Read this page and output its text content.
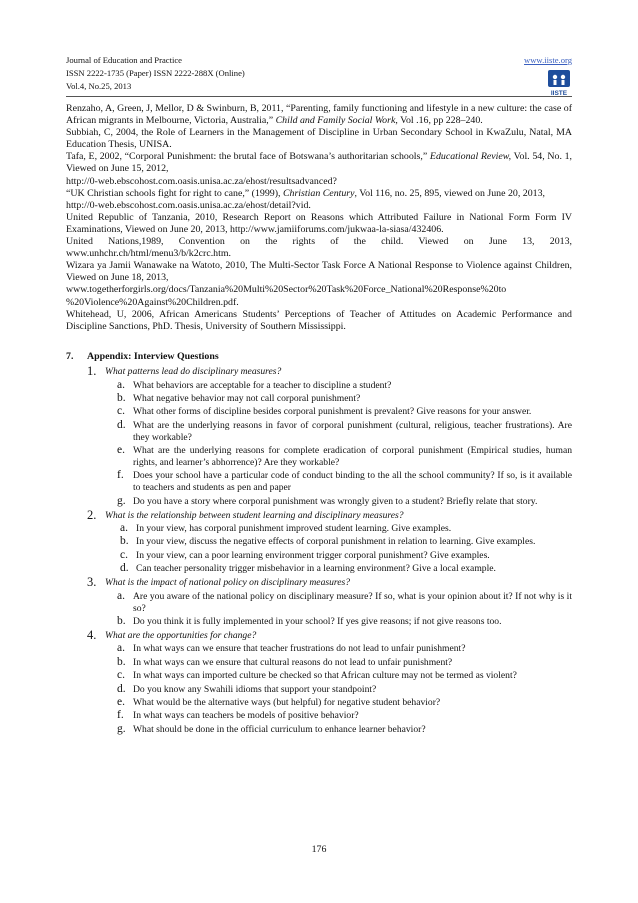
Journal of Education and Practice
ISSN 2222-1735 (Paper) ISSN 2222-288X (Online)
Vol.4, No.25, 2013
www.iiste.org
IISTE

Renzaho, A, Green, J, Mellor, D & Swinburn, B, 2011, “Parenting, family functioning and lifestyle in a new culture: the case of African migrants in Melbourne, Victoria, Australia,” Child and Family Social Work, Vol .16, pp 228–240.

Subbiah, C, 2004, the Role of Learners in the Management of Discipline in Urban Secondary School in KwaZulu, Natal, MA Education Thesis, UNISA.

Tafa, E, 2002, “Corporal Punishment: the brutal face of Botswana’s authoritarian schools,” Educational Review, Vol. 54, No. 1, Viewed on June 15, 2012,

http://0-web.ebscohost.com.oasis.unisa.ac.za/ehost/resultsadvanced?

“UK Christian schools fight for right to cane,” (1999), Christian Century, Vol 116, no. 25, 895, viewed on June 20, 2013,

http://0-web.ebscohost.com.oasis.unisa.ac.za/ehost/detail?vid.

United Republic of Tanzania, 2010, Research Report on Reasons which Attributed Failure in National Form Form IV Examinations, Viewed on June 20, 2013, http://www.jamiiforums.com/jukwaa-la-siasa/432406.

United Nations,1989, Convention on the rights of the child. Viewed on June 13, 2013,

www.unhchr.ch/html/menu3/b/k2crc.htm.

Wizara ya Jamii Wanawake na Watoto, 2010, The Multi-Sector Task Force A National Response to Violence against Children, Viewed on June 18, 2013,

www.togetherforgirls.org/docs/Tanzania%20Multi%20Sector%20Task%20Force_National%20Response%20to %20Violence%20Against%20Children.pdf.

Whitehead, U, 2006, African Americans Students’ Perceptions of Teacher of Attitudes on Academic Performance and Discipline Sanctions, PhD. Thesis, University of Southern Mississippi.

7. Appendix: Interview Questions
1. What patterns lead do disciplinary measures?
a. What behaviors are acceptable for a teacher to discipline a student?
b. What negative behavior may not call corporal punishment?
c. What other forms of discipline besides corporal punishment is prevalent? Give reasons for your answer.
d. What are the underlying reasons in favor of corporal punishment (cultural, religious, teacher frustrations). Are they workable?
e. What are the underlying reasons for complete eradication of corporal punishment (Empirical studies, human rights, and learner’s abhorrence)? Are they workable?
f. Does your school have a particular code of conduct binding to the all the school community? If so, is it available to teachers and students as pen and paper
g. Do you have a story where corporal punishment was wrongly given to a student? Briefly relate that story.
2. What is the relationship between student learning and disciplinary measures?
a. In your view, has corporal punishment improved student learning. Give examples.
b. In your view, discuss the negative effects of corporal punishment in relation to learning. Give examples.
c. In your view, can a poor learning environment trigger corporal punishment? Give examples.
d. Can teacher personality trigger misbehavior in a learning environment? Give a local example.
3. What is the impact of national policy on disciplinary measures?
a. Are you aware of the national policy on disciplinary measure? If so, what is your opinion about it? If not why is it so?
b. Do you think it is fully implemented in your school? If yes give reasons; if not give reasons too.
4. What are the opportunities for change?
a. In what ways can we ensure that teacher frustrations do not lead to unfair punishment?
b. In what ways can we ensure that cultural reasons do not lead to unfair punishment?
c. In what ways can imported culture be checked so that African culture may not be termed as violent?
d. Do you know any Swahili idioms that support your standpoint?
e. What would be the alternative ways (but helpful) for negative student behavior?
f. In what ways can teachers be models of positive behavior?
g. What should be done in the official curriculum to enhance learner behavior?
176
